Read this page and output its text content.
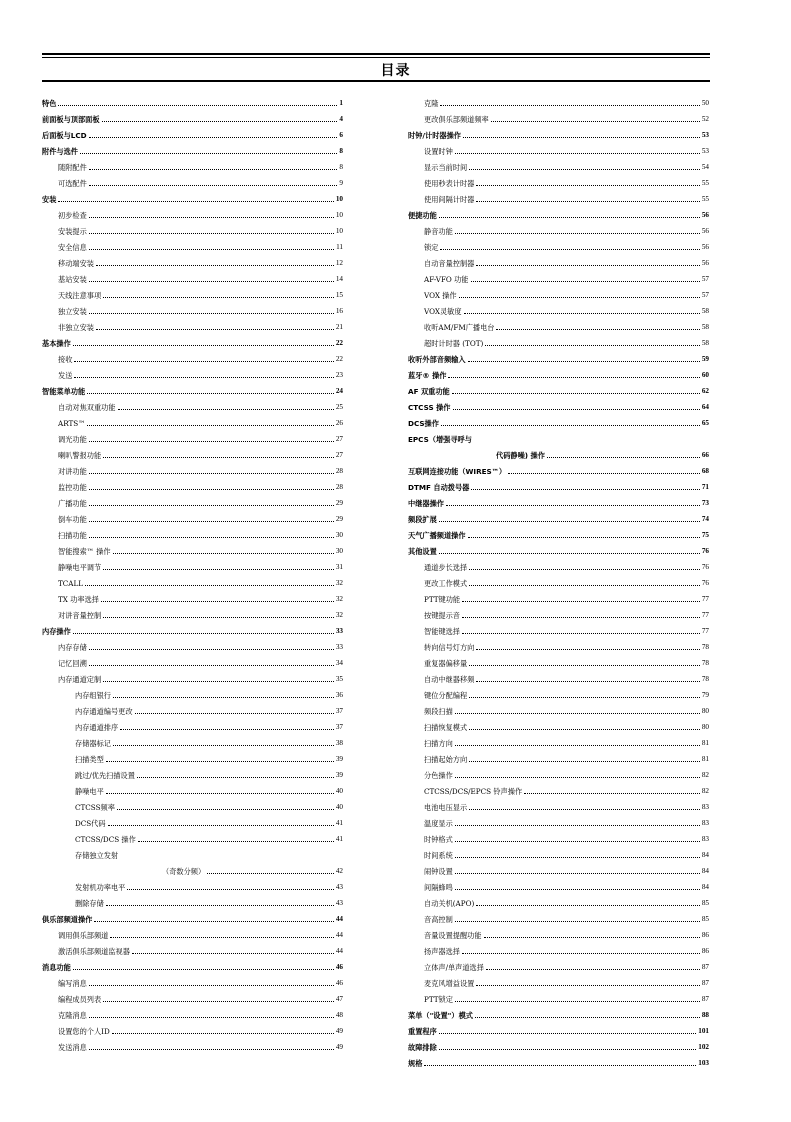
目录
特色	1
前面板与顶部面板	4
后面板与LCD	6
附件与选件	8
随附配件	8
可选配件	9
安装	10
初步检查	10
安装提示	10
安全信息	11
移动端安装	12
基站安装	14
天线注意事项	15
独立安装	16
非独立安装	21
基本操作	22
接收	22
发送	23
智能菜单功能	24
自动对焦双重功能	25
ARTS™	26
调光功能	27
喇叭警报功能	27
对讲功能	28
监控功能	28
广播功能	29
倒车功能	29
扫描功能	30
智能搜索™ 操作	30
静噪电平调节	31
TCALL	32
TX 功率选择	32
对讲音量控制	32
内存操作	33
内存存储	33
记忆回溯	34
内存通道定制	35
内存组银行	36
内存通道编号更改	37
内存通道排序	37
存储器标记	38
扫描类型	39
跳过/优先扫描设置	39
静噪电平	40
CTCSS频率	40
DCS代码	41
CTCSS/DCS 操作	41
存储独立发射
（奇数分频）	42
发射机功率电平	43
删除存储	43
俱乐部频道操作	44
调用俱乐部频道	44
激活俱乐部频道监视器	44
消息功能	46
编写消息	46
编程成员列表	47
克隆消息	48
设置您的个人ID	49
发送消息	49
克隆	50
更改俱乐部频道频率	52
时钟/计时器操作	53
设置时钟	53
显示当前时间	54
使用秒表计时器	55
使用间隔计时器	55
便捷功能	56
静音功能	56
锁定	56
自动音量控制器	56
AF-VFO 功能	57
VOX 操作	57
VOX灵敏度	58
收听AM/FM广播电台	58
超时计时器 (TOT)	58
收听外部音频输入	59
蓝牙® 操作	60
AF 双重功能	62
CTCSS 操作	64
DCS操作	65
EPCS（增强寻呼与
代码静噪) 操作	66
互联网连接功能（WIRES™）	68
DTMF 自动拨号器	71
中继器操作	73
频段扩展	74
天气广播频道操作	75
其他设置	76
通道步长选择	76
更改工作模式	76
PTT键功能	77
按键提示音	77
智能键选择	77
转向信号灯方向	78
重复器偏移量	78
自动中继器移频	78
键位分配编程	79
频段扫描	80
扫描恢复模式	80
扫描方向	81
扫描起始方向	81
分色操作	82
CTCSS/DCS/EPCS 铃声操作	82
电池电压显示	83
温度显示	83
时钟格式	83
时间系统	84
闹钟设置	84
间隔蜂鸣	84
自动关机(APO)	85
音高控制	85
音量设置提醒功能	86
扬声器选择	86
立体声/单声道选择	87
麦克风增益设置	87
PTT锁定	87
菜单（"设置"）模式	88
重置程序	101
故障排除	102
规格	103
